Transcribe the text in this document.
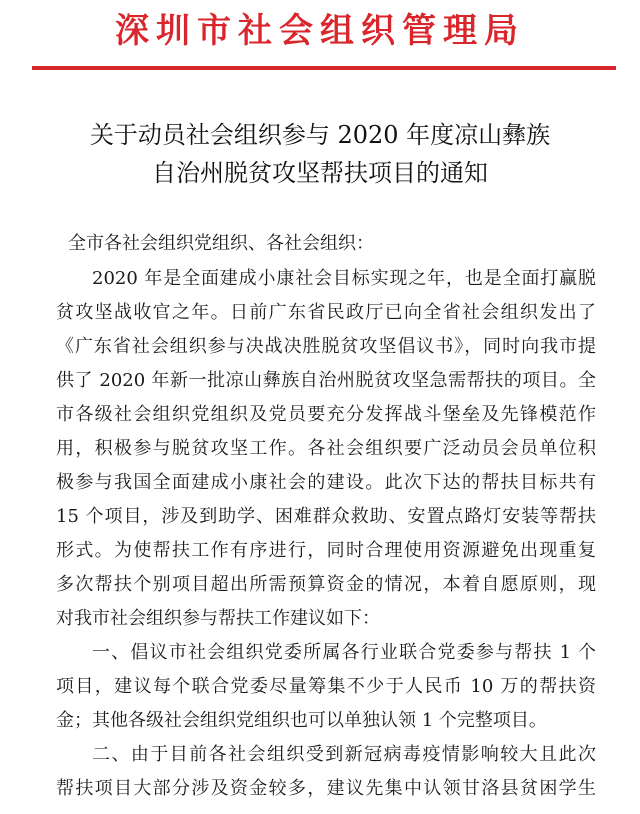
深圳市社会组织管理局
关于动员社会组织参与 2020 年度凉山彝族
自治州脱贫攻坚帮扶项目的通知
全市各社会组织党组织、各社会组织：
2020 年是全面建成小康社会目标实现之年，也是全面打赢脱
贫攻坚战收官之年。日前广东省民政厅已向全省社会组织发出了
《广东省社会组织参与决战决胜脱贫攻坚倡议书》，同时向我市提
供了 2020 年新一批凉山彝族自治州脱贫攻坚急需帮扶的项目。全
市各级社会组织党组织及党员要充分发挥战斗堡垒及先锋模范作
用，积极参与脱贫攻坚工作。各社会组织要广泛动员会员单位积
极参与我国全面建成小康社会的建设。此次下达的帮扶目标共有
15 个项目，涉及到助学、困难群众救助、安置点路灯安装等帮扶
形式。为使帮扶工作有序进行，同时合理使用资源避免出现重复
多次帮扶个别项目超出所需预算资金的情况，本着自愿原则，现
对我市社会组织参与帮扶工作建议如下：
一、倡议市社会组织党委所属各行业联合党委参与帮扶 1 个
项目，建议每个联合党委尽量筹集不少于人民币 10 万的帮扶资
金；其他各级社会组织党组织也可以单独认领 1 个完整项目。
二、由于目前各社会组织受到新冠病毒疫情影响较大且此次
帮扶项目大部分涉及资金较多，建议先集中认领甘洛县贫困学生
